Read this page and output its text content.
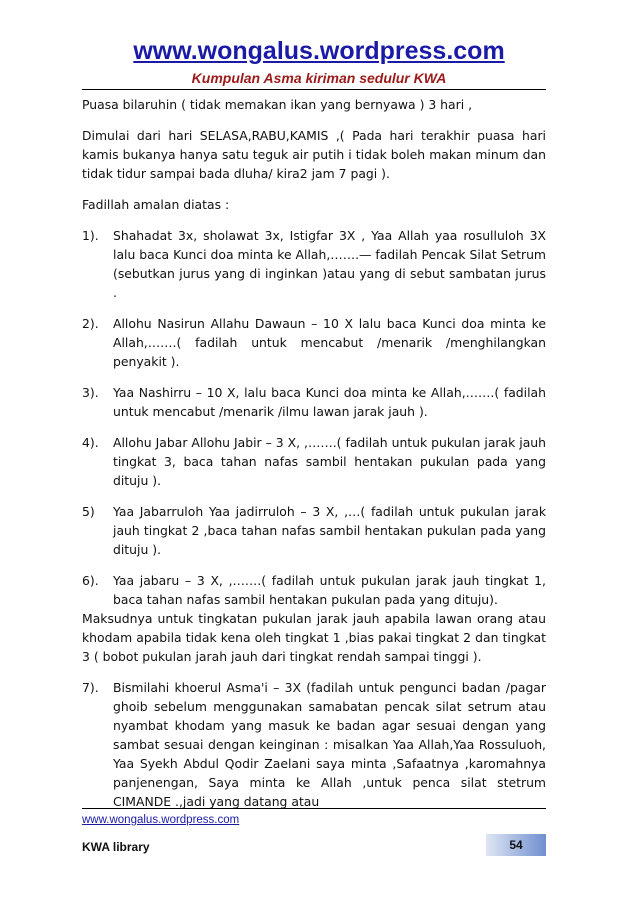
www.wongalus.wordpress.com
Kumpulan Asma kiriman sedulur KWA

Puasa bilaruhin ( tidak memakan ikan yang bernyawa ) 3 hari ,

Dimulai dari hari SELASA,RABU,KAMIS ,( Pada hari terakhir puasa hari kamis bukanya hanya satu teguk air putih i tidak boleh makan minum dan tidak tidur sampai bada dluha/ kira2 jam 7 pagi ).

Fadillah amalan diatas :

1).	Shahadat 3x, sholawat 3x, Istigfar 3X , Yaa Allah yaa rosulluloh 3X lalu baca Kunci doa minta ke Allah,…….— fadilah Pencak Silat Setrum (sebutkan jurus yang di inginkan )atau yang di sebut sambatan jurus .
2).	Allohu Nasirun Allahu Dawaun – 10 X lalu baca Kunci doa minta ke Allah,…….( fadilah untuk mencabut /menarik /menghilangkan penyakit ).
3).	Yaa Nashirru – 10 X, lalu baca Kunci doa minta ke Allah,…….( fadilah untuk mencabut /menarik /ilmu lawan jarak jauh ).
4).	Allohu Jabar Allohu Jabir – 3 X, ,…….( fadilah untuk pukulan jarak jauh tingkat 3, baca tahan nafas sambil hentakan pukulan pada yang dituju ).
5)	Yaa Jabarruloh Yaa jadirruloh – 3 X, ,…( fadilah untuk pukulan jarak jauh tingkat 2 ,baca tahan nafas sambil hentakan pukulan pada yang dituju ).
6).	Yaa jabaru – 3 X, ,…….( fadilah untuk pukulan jarak jauh tingkat 1, baca tahan nafas sambil hentakan pukulan pada yang dituju).

Maksudnya untuk tingkatan pukulan jarak jauh apabila lawan orang atau khodam apabila tidak kena oleh tingkat 1 ,bias pakai tingkat 2 dan tingkat 3 ( bobot pukulan jarah jauh dari tingkat rendah sampai tinggi ).

7).	Bismilahi khoerul Asma'i – 3X (fadilah untuk pengunci badan /pagar ghoib sebelum menggunakan samabatan pencak silat setrum atau nyambat khodam yang masuk ke badan agar sesuai dengan yang sambat sesuai dengan keinginan : misalkan Yaa Allah,Yaa Rossuluoh, Yaa Syekh Abdul Qodir Zaelani saya minta ,Safaatnya ,karomahnya panjenengan, Saya minta ke Allah ,untuk penca silat stetrum CIMANDE .,jadi yang datang atau
www.wongalus.wordpress.com
KWA library	54
